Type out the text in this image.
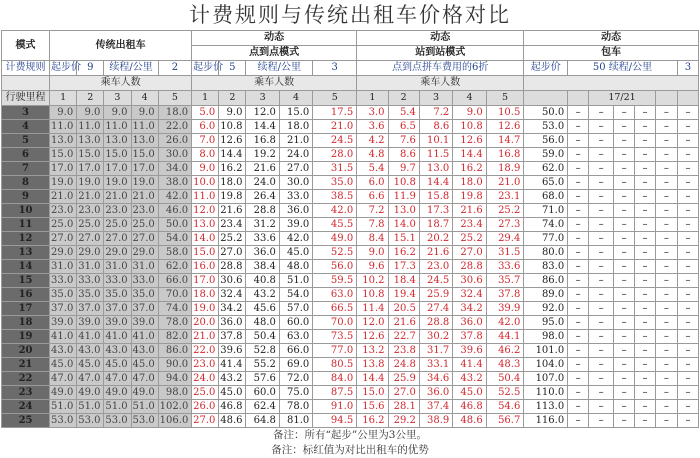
计费规则与传统出租车价格对比
模式	传统出租车					动态					动态					动态						
						点到点模式					站到站模式					包车						
计费规则	起步价	9	续程/公里		2	起步价	5	续程/公里		3	点到点拼车费用的6折					起步价	50 续程/公里					3
	乘车人数					乘车人数					乘车人数											
行驶里程	1	2	3	4	5	1	2	3	4	5	1	2	3	4	5			17/21				
3	9.0	9.0	9.0	9.0	18.0	5.0	9.0	12.0	15.0	17.5	3.0	5.4	7.2	9.0	10.5	50.0	–	–	–	–	–	–
4	11.0	11.0	11.0	11.0	22.0	6.0	10.8	14.4	18.0	21.0	3.6	6.5	8.6	10.8	12.6	53.0	–	–	–	–	–	–
5	13.0	13.0	13.0	13.0	26.0	7.0	12.6	16.8	21.0	24.5	4.2	7.6	10.1	12.6	14.7	56.0	–	–	–	–	–	–
6	15.0	15.0	15.0	15.0	30.0	8.0	14.4	19.2	24.0	28.0	4.8	8.6	11.5	14.4	16.8	59.0	–	–	–	–	–	–
7	17.0	17.0	17.0	17.0	34.0	9.0	16.2	21.6	27.0	31.5	5.4	9.7	13.0	16.2	18.9	62.0	–	–	–	–	–	–
8	19.0	19.0	19.0	19.0	38.0	10.0	18.0	24.0	30.0	35.0	6.0	10.8	14.4	18.0	21.0	65.0	–	–	–	–	–	–
9	21.0	21.0	21.0	21.0	42.0	11.0	19.8	26.4	33.0	38.5	6.6	11.9	15.8	19.8	23.1	68.0	–	–	–	–	–	–
10	23.0	23.0	23.0	23.0	46.0	12.0	21.6	28.8	36.0	42.0	7.2	13.0	17.3	21.6	25.2	71.0	–	–	–	–	–	–
11	25.0	25.0	25.0	25.0	50.0	13.0	23.4	31.2	39.0	45.5	7.8	14.0	18.7	23.4	27.3	74.0	–	–	–	–	–	–
12	27.0	27.0	27.0	27.0	54.0	14.0	25.2	33.6	42.0	49.0	8.4	15.1	20.2	25.2	29.4	77.0	–	–	–	–	–	–
13	29.0	29.0	29.0	29.0	58.0	15.0	27.0	36.0	45.0	52.5	9.0	16.2	21.6	27.0	31.5	80.0	–	–	–	–	–	–
14	31.0	31.0	31.0	31.0	62.0	16.0	28.8	38.4	48.0	56.0	9.6	17.3	23.0	28.8	33.6	83.0	–	–	–	–	–	–
15	33.0	33.0	33.0	33.0	66.0	17.0	30.6	40.8	51.0	59.5	10.2	18.4	24.5	30.6	35.7	86.0	–	–	–	–	–	–
16	35.0	35.0	35.0	35.0	70.0	18.0	32.4	43.2	54.0	63.0	10.8	19.4	25.9	32.4	37.8	89.0	–	–	–	–	–	–
17	37.0	37.0	37.0	37.0	74.0	19.0	34.2	45.6	57.0	66.5	11.4	20.5	27.4	34.2	39.9	92.0	–	–	–	–	–	–
18	39.0	39.0	39.0	39.0	78.0	20.0	36.0	48.0	60.0	70.0	12.0	21.6	28.8	36.0	42.0	95.0	–	–	–	–	–	–
19	41.0	41.0	41.0	41.0	82.0	21.0	37.8	50.4	63.0	73.5	12.6	22.7	30.2	37.8	44.1	98.0	–	–	–	–	–	–
20	43.0	43.0	43.0	43.0	86.0	22.0	39.6	52.8	66.0	77.0	13.2	23.8	31.7	39.6	46.2	101.0	–	–	–	–	–	–
21	45.0	45.0	45.0	45.0	90.0	23.0	41.4	55.2	69.0	80.5	13.8	24.8	33.1	41.4	48.3	104.0	–	–	–	–	–	–
22	47.0	47.0	47.0	47.0	94.0	24.0	43.2	57.6	72.0	84.0	14.4	25.9	34.6	43.2	50.4	107.0	–	–	–	–	–	–
23	49.0	49.0	49.0	49.0	98.0	25.0	45.0	60.0	75.0	87.5	15.0	27.0	36.0	45.0	52.5	110.0	–	–	–	–	–	–
24	51.0	51.0	51.0	51.0	102.0	26.0	46.8	62.4	78.0	91.0	15.6	28.1	37.4	46.8	54.6	113.0	–	–	–	–	–	–
25	53.0	53.0	53.0	53.0	106.0	27.0	48.6	64.8	81.0	94.5	16.2	29.2	38.9	48.6	56.7	116.0	–	–	–	–	–	–
备注：所有“起步”公里为3公里。
备注：标红值为对比出租车的优势
